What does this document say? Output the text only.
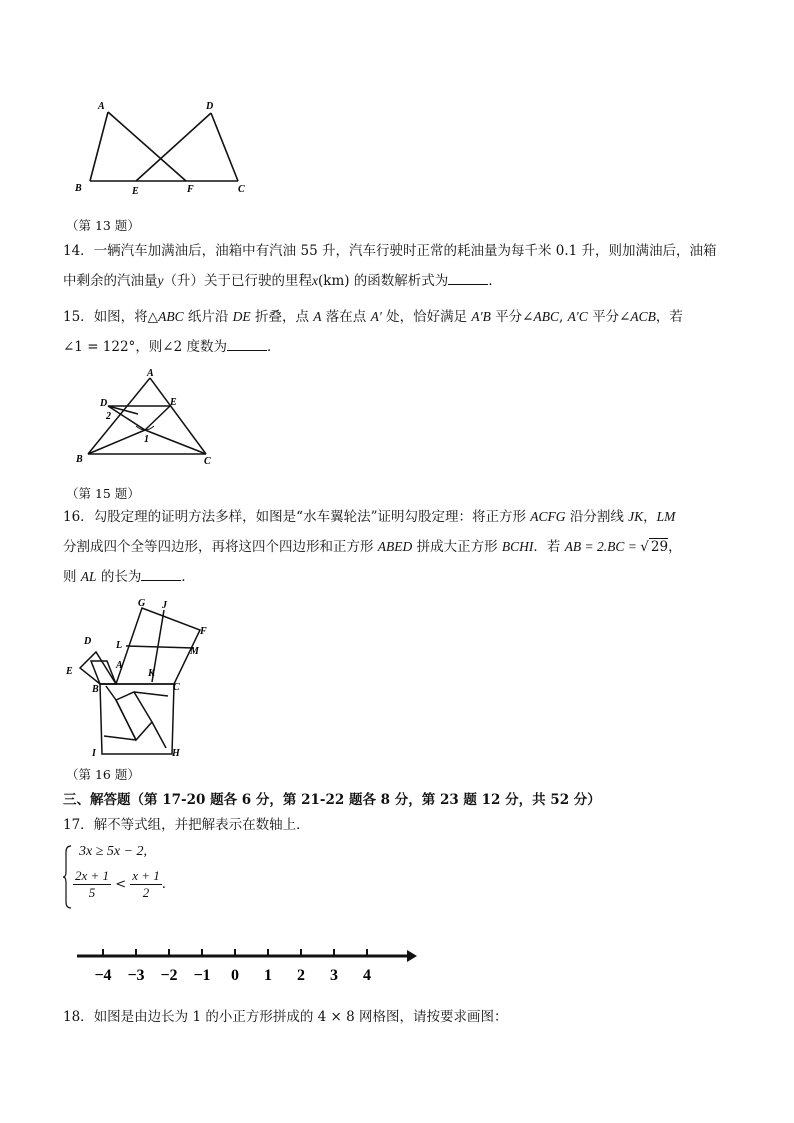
A	D
B	E	F	C
（第 13 题）
14．一辆汽车加满油后，油箱中有汽油 55 升，汽车行驶时正常的耗油量为每千米 0.1 升，则加满油后，油箱
中剩余的汽油量y（升）关于已行驶的里程x(km) 的函数解析式为	．
15．如图，将△ABC 纸片沿 DE 折叠，点 A 落在点 A′ 处，恰好满足 A′B 平分∠ABC, A′C 平分∠ACB，若
∠1 = 122°，则∠2 度数为	．
A
D	E
2
1
B	C
（第 15 题）
16．勾股定理的证明方法多样，如图是“水车翼轮法”证明勾股定理：将正方形 ACFG 沿分割线 JK，LM
分割成四个全等四边形，再将这四个四边形和正方形 ABED 拼成大正方形 BCHI．若 AB = 2.BC = √ 29，
则 AL 的长为	．
G J
F
D L
M
E
A
K
B	C
I	H
（第 16 题）
三、解答题（第 17-20 题各 6 分，第 21-22 题各 8 分，第 23 题 12 分，共 52 分）
17．解不等式组，并把解表示在数轴上．
3x ≥ 5x − 2,
$\frac{2x + 1}{5} < \frac{x + 1}{2}$ .
−4 −3 −2 −1 0 1 2 3 4
18．如图是由边长为 1 的小正方形拼成的 4 × 8 网格图，请按要求画图：
